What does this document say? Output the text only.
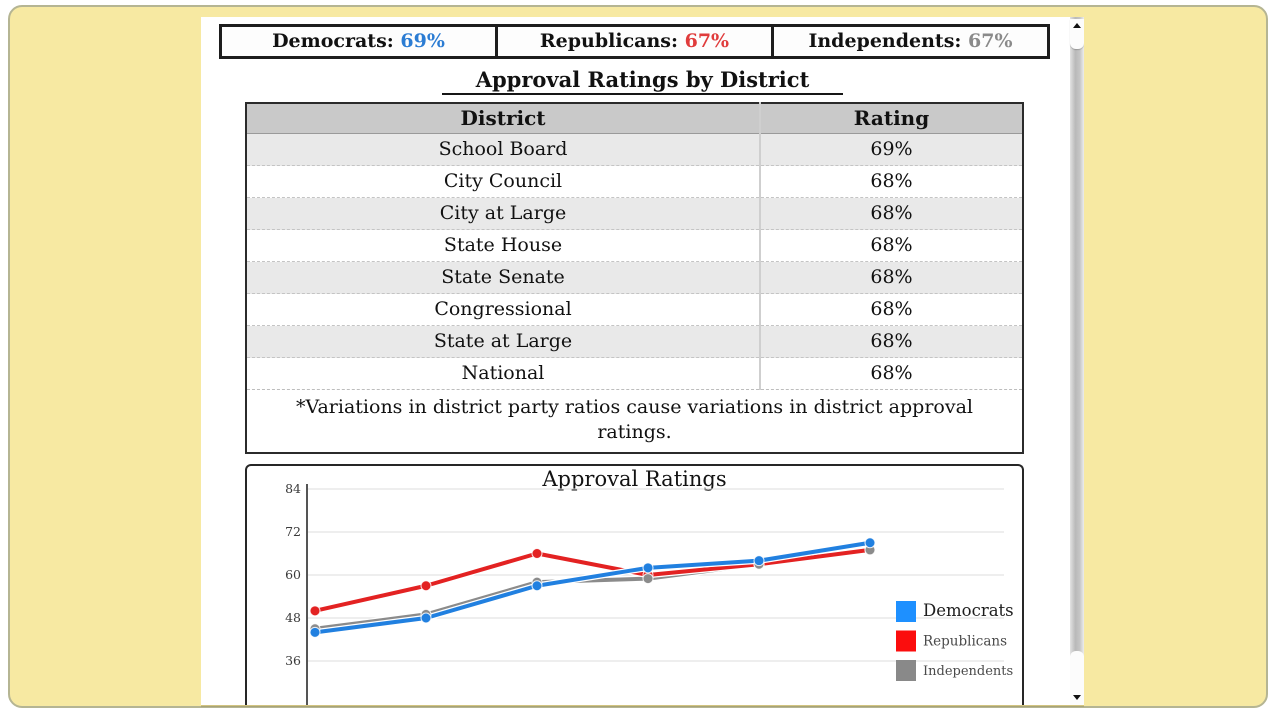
Democrats: 69%	Republicans: 67%	Independents: 67%
Approval Ratings by District
District	Rating
School Board	69%
City Council	68%
City at Large	68%
State House	68%
State Senate	68%
Congressional	68%
State at Large	68%
National	68%

*Variations in district party ratios cause variations in district approval ratings.	
Approval Ratings
36
48
60
72
84
Democrats
Republicans
Independents
